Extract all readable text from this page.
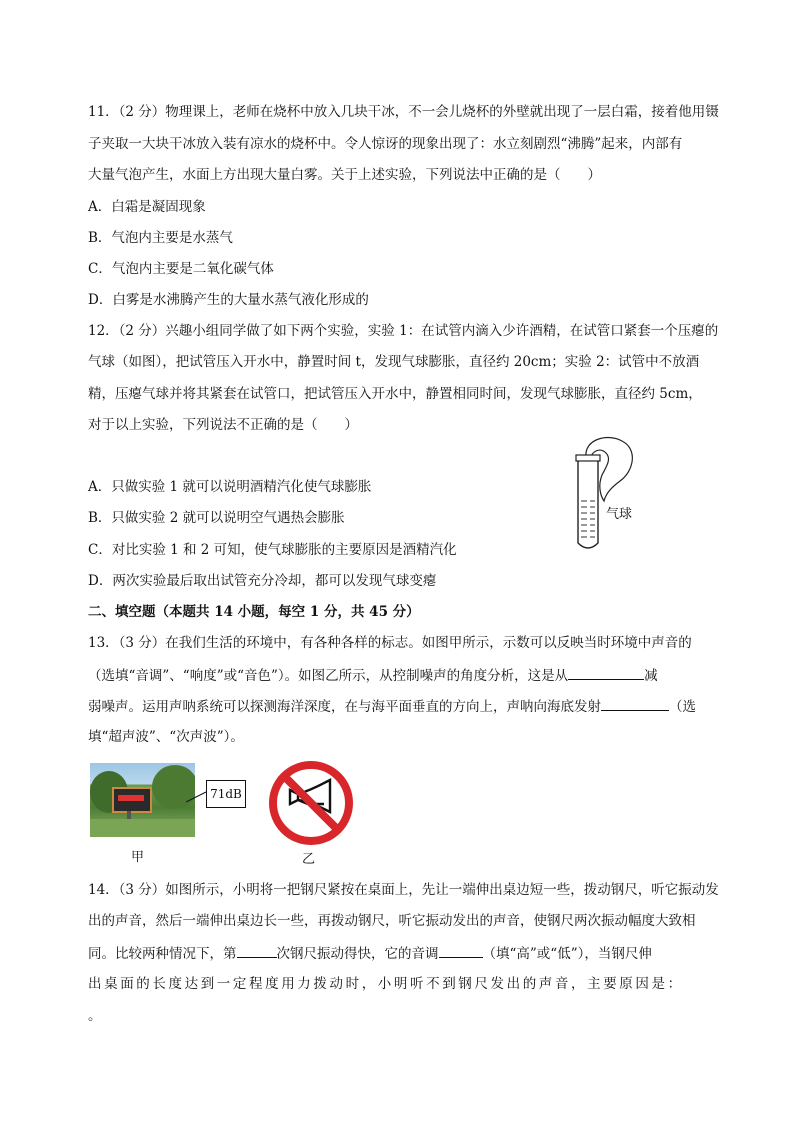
11．（2 分）物理课上，老师在烧杯中放入几块干冰，不一会儿烧杯的外壁就出现了一层白霜，接着他用镊
子夹取一大块干冰放入装有凉水的烧杯中。令人惊讶的现象出现了：水立刻剧烈“沸腾”起来，内部有
大量气泡产生，水面上方出现大量白雾。关于上述实验，下列说法中正确的是（　　）
A．白霜是凝固现象
B．气泡内主要是水蒸气
C．气泡内主要是二氧化碳气体
D．白雾是水沸腾产生的大量水蒸气液化形成的
12．（2 分）兴趣小组同学做了如下两个实验，实验 1：在试管内滴入少许酒精，在试管口紧套一个压瘪的
气球（如图），把试管压入开水中，静置时间 t，发现气球膨胀，直径约 20cm；实验 2：试管中不放酒
精，压瘪气球并将其紧套在试管口，把试管压入开水中，静置相同时间，发现气球膨胀，直径约 5cm，
对于以上实验，下列说法不正确的是（　　）
A．只做实验 1 就可以说明酒精汽化使气球膨胀
B．只做实验 2 就可以说明空气遇热会膨胀
C．对比实验 1 和 2 可知，使气球膨胀的主要原因是酒精汽化
D．两次实验最后取出试管充分冷却，都可以发现气球变瘪
气球
二、填空题（本题共 14 小题，每空 1 分，共 45 分）
13．（3 分）在我们生活的环境中，有各种各样的标志。如图甲所示，示数可以反映当时环境中声音的
（选填“音调”、“响度”或“音色”）。如图乙所示，从控制噪声的角度分析，这是从	减
弱噪声。运用声呐系统可以探测海洋深度，在与海平面垂直的方向上，声呐向海底发射	（选
填“超声波”、“次声波”）。
71dB
甲	乙
14．（3 分）如图所示，小明将一把钢尺紧按在桌面上，先让一端伸出桌边短一些，拨动钢尺，听它振动发
出的声音，然后一端伸出桌边长一些，再拨动钢尺，听它振动发出的声音，使钢尺两次振动幅度大致相
同。比较两种情况下，第	次钢尺振动得快，它的音调	（填“高”或“低”），当钢尺伸
出桌面的长度达到一定程度用力拨动时，小明听不到钢尺发出的声音，主要原因是：
。
